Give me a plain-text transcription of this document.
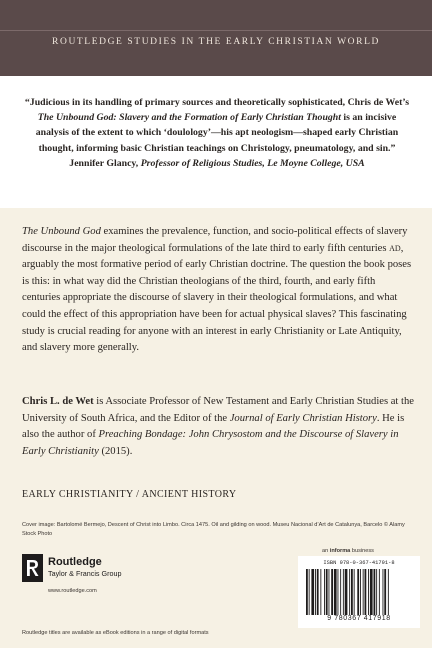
ROUTLEDGE STUDIES IN THE EARLY CHRISTIAN WORLD

“Judicious in its handling of primary sources and theoretically sophisticated, Chris de Wet’s The Unbound God: Slavery and the Formation of Early Christian Thought is an incisive analysis of the extent to which ‘doulology’—his apt neologism—shaped early Christian thought, informing basic Christian teachings on Christology, pneumatology, and sin.”
Jennifer Glancy, Professor of Religious Studies, Le Moyne College, USA

The Unbound God examines the prevalence, function, and socio-political effects of slavery discourse in the major theological formulations of the late third to early fifth centuries AD, arguably the most formative period of early Christian doctrine. The question the book poses is this: in what way did the Christian theologians of the third, fourth, and early fifth centuries appropriate the discourse of slavery in their theological formulations, and what could the effect of this appropriation have been for actual physical slaves? This fascinating study is crucial reading for anyone with an interest in early Christianity or Late Antiquity, and slavery more generally.

Chris L. de Wet is Associate Professor of New Testament and Early Christian Studies at the University of South Africa, and the Editor of the Journal of Early Christian History. He is also the author of Preaching Bondage: John Chrysostom and the Discourse of Slavery in Early Christianity (2015).

EARLY CHRISTIANITY / ANCIENT HISTORY
Cover image: Bartolomé Bermejo, Descent of Christ into Limbo. Circa 1475. Oil and gilding on wood. Museu Nacional d’Art de Catalunya, Barcelo © Alamy Stock Photo
Routledge
Taylor & Francis Group
www.routledge.com
an informa business
ISBN 978-0-367-41791-8
9 780367 417918
Routledge titles are available as eBook editions in a range of digital formats
